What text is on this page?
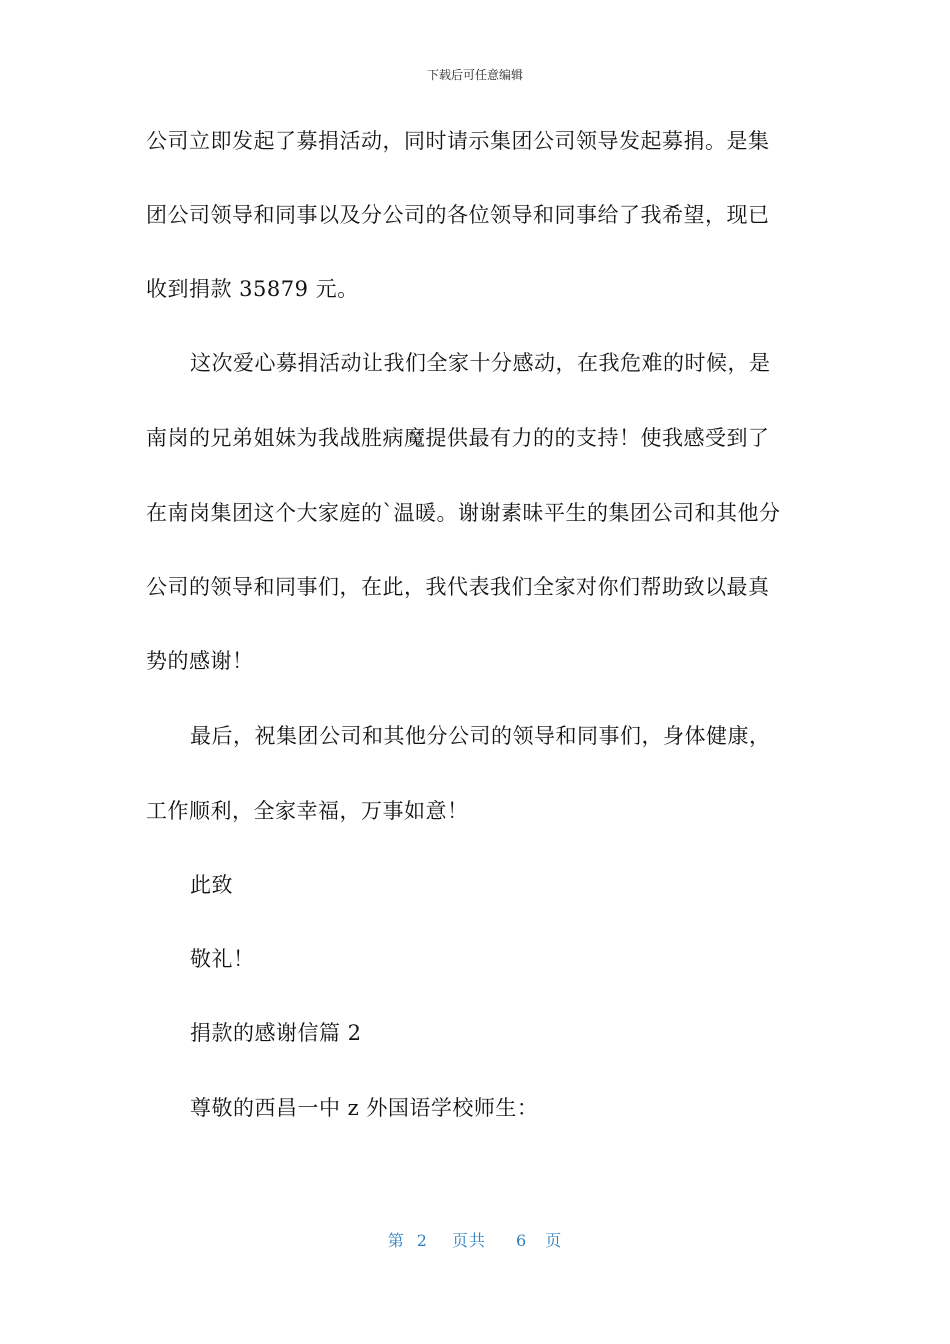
下载后可任意编辑
公司立即发起了募捐活动，同时请示集团公司领导发起募捐。是集
团公司领导和同事以及分公司的各位领导和同事给了我希望，现已
收到捐款 35879 元。
这次爱心募捐活动让我们全家十分感动，在我危难的时候，是
南岗的兄弟姐妹为我战胜病魔提供最有力的的支持！使我感受到了
在南岗集团这个大家庭的`温暖。谢谢素昧平生的集团公司和其他分
公司的领导和同事们，在此，我代表我们全家对你们帮助致以最真
势的感谢！
最后，祝集团公司和其他分公司的领导和同事们，身体健康，
工作顺利，全家幸福，万事如意！
此致
敬礼！
捐款的感谢信篇 2
尊敬的西昌一中 z 外国语学校师生：
第 2 页共 6 页
